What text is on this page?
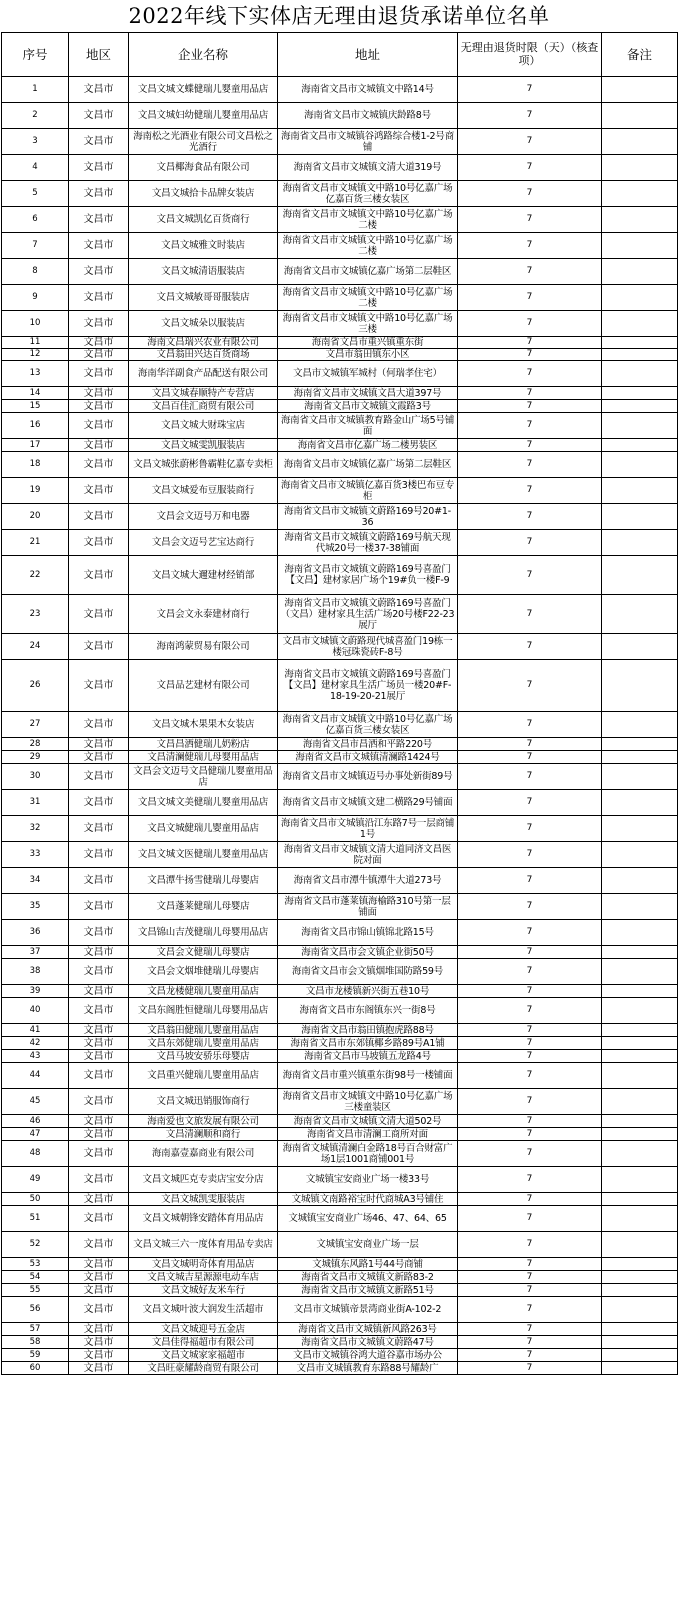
2022年线下实体店无理由退货承诺单位名单
序号	地区	企业名称	地址	无理由退货时限（天）（核查项）	备注
1	文昌市	文昌文城文蝶健瑞儿婴童用品店	海南省文昌市文城镇文中路14号	7	
2	文昌市	文昌文城妇幼健瑞儿婴童用品店	海南省文昌市文城镇庆龄路8号	7	
3	文昌市	海南松之光酒业有限公司文昌松之光酒行	海南省文昌市文城镇谷鸿路综合楼1-2号商铺	7	
4	文昌市	文昌椰海食品有限公司	海南省文昌市文城镇文清大道319号	7	
5	文昌市	文昌文城拾卡品牌女装店	海南省文昌市文城镇文中路10号亿嘉广场亿嘉百货三楼女装区	7	
6	文昌市	文昌文城凯亿百货商行	海南省文昌市文城镇文中路10号亿嘉广场二楼	7	
7	文昌市	文昌文城雅文时装店	海南省文昌市文城镇文中路10号亿嘉广场二楼	7	
8	文昌市	文昌文城清语服装店	海南省文昌市文城镇亿嘉广场第二层鞋区	7	
9	文昌市	文昌文城敏哥哥服装店	海南省文昌市文城镇文中路10号亿嘉广场二楼	7	
10	文昌市	文昌文城朵以服装店	海南省文昌市文城镇文中路10号亿嘉广场三楼	7	
11	文昌市	海南文昌瑞兴农业有限公司	海南省文昌市重兴镇重东街	7	
12	文昌市	文昌翁田兴达百货商场	文昌市翁田镇东小区	7	
13	文昌市	海南华洋副食产品配送有限公司	文昌市文城镇军城村（何瑞孝住宅）	7	
14	文昌市	文昌文城春顺特产专营店	海南省文昌市文城镇文昌大道397号	7	
15	文昌市	文昌百佳汇商贸有限公司	海南省文昌市文城镇文霞路3号	7	
16	文昌市	文昌文城大财珠宝店	海南省文昌市文城镇教育路金山广场5号铺面	7	
17	文昌市	文昌文城雯凯服装店	海南省文昌市亿嘉广场二楼男装区	7	
18	文昌市	文昌文城张蔚彬鲁霸鞋亿嘉专卖柜	海南省文昌市文城镇亿嘉广场第二层鞋区	7	
19	文昌市	文昌文城爱布豆服装商行	海南省文昌市文城镇亿嘉百货3楼巴布豆专柜	7	
20	文昌市	文昌会文迈号万和电器	海南省文昌市文城镇文蔚路169号20#1-36	7	
21	文昌市	文昌会文迈号艺宝达商行	海南省文昌市文城镇文蔚路169号航天现代城20号一楼37-38铺面	7	
22	文昌市	文昌文城大邇建材经销部	海南省文昌市文城镇文蔚路169号喜盈门【文昌】建材家居广场个19#负一楼F-9	7	
23	文昌市	文昌会文永泰建材商行	海南省文昌市文城镇文蔚路169号喜盈门（文昌）建材家具生活广场20号楼F22-23展厅	7	
24	文昌市	海南鸿蒙贸易有限公司	文昌市文城镇文蔚路现代城喜盈门19栋一楼冠珠瓷砖F-8号	7	
26	文昌市	文昌品艺建材有限公司	海南省文昌市文城镇文蔚路169号喜盈门【文昌】建材家具生活广场员一楼20#F-18-19-20-21展厅	7	
27	文昌市	文昌文城木果果木女装店	海南省文昌市文城镇文中路10号亿嘉广场亿嘉百货三楼女装区	7	
28	文昌市	文昌昌洒健瑞儿奶粉店	海南省文昌市昌洒和平路220号	7	
29	文昌市	文昌清澜健瑞儿母婴用品店	海南省文昌市文城镇清澜路1424号	7	
30	文昌市	文昌会文迈号文昌健瑞儿婴童用品店	海南省文昌市文城镇迈号办事处新街89号	7	
31	文昌市	文昌文城文美健瑞儿婴童用品店	海南省文昌市文城镇文建二横路29号铺面	7	
32	文昌市	文昌文城健瑞儿婴童用品店	海南省文昌市文城镇沿江东路7号一层商铺1号	7	
33	文昌市	文昌文城文医健瑞儿婴童用品店	海南省文昌市文城镇文清大道同济文昌医院对面	7	
34	文昌市	文昌潭牛扬雪健瑞儿母婴店	海南省文昌市潭牛镇潭牛大道273号	7	
35	文昌市	文昌蓬莱健瑞儿母婴店	海南省文昌市蓬莱镇海榆路310号第一层铺面	7	
36	文昌市	文昌锦山吉茂健瑞儿母婴用品店	海南省文昌市锦山镇锦北路15号	7	
37	文昌市	文昌会文健瑞儿母婴店	海南省文昌市会文镇企业街50号	7	
38	文昌市	文昌会文烟堆健瑞儿母婴店	海南省文昌市会文镇烟堆国防路59号	7	
39	文昌市	文昌龙楼健瑞儿婴童用品店	文昌市龙楼镇新兴街五巷10号	7	
40	文昌市	文昌东阁胜恒健瑞儿母婴用品店	海南省文昌市东阁镇东兴一街8号	7	
41	文昌市	文昌翁田健瑞儿婴童用品店	海南省文昌市翁田镇抱虎路88号	7	
42	文昌市	文昌东郊健瑞儿婴童用品店	海南省文昌市东郊镇椰乡路89号A1铺	7	
43	文昌市	文昌马坡安骄乐母婴店	海南省文昌市马坡镇五龙路4号	7	
44	文昌市	文昌重兴健瑞儿婴童用品店	海南省文昌市重兴镇重东街98号一楼铺面	7	
45	文昌市	文昌文城迅销服饰商行	海南省文昌市文城镇文中路10号亿嘉广场三楼童装区	7	
46	文昌市	海南爱也文旅发展有限公司	海南省文昌市文城镇文清大道502号	7	
47	文昌市	文昌清澜顺和商行	海南省文昌市清澜工商所对面	7	
48	文昌市	海南嘉壹嘉商业有限公司	海南省文城镇清澜白金路18号百合财富广场1层1001商铺001号	7	
49	文昌市	文昌文城匹克专卖店宝安分店	文城镇宝安商业广场一楼33号	7	
50	文昌市	文昌文城凯雯服装店	文城镇文南路裕宝时代商城A3号铺住	7	
51	文昌市	文昌文城朝锋安踏体育用品店	文城镇宝安商业广场46、47、64、65	7	
52	文昌市	文昌文城三六一度体育用品专卖店	文城镇宝安商业广场一层	7	
53	文昌市	文昌文城明奇体育用品店	文城镇东风路1号44号商铺	7	
54	文昌市	文昌文城吉星源源电动车店	海南省文昌市文城镇文新路83-2	7	
55	文昌市	文昌文城好友米车行	海南省文昌市文城镇文新路51号	7	
56	文昌市	文昌文城叶波大润发生活超市	文昌市文城镇帝景湾商业街A-102-2	7	
57	文昌市	文昌文城迎号五金店	海南省文昌市文城镇新风路263号	7	
58	文昌市	文昌佳得福超市有限公司	海南省文昌市文城镇文蔚路47号	7	
59	文昌市	文昌文城家家福超市	文昌市文城镇谷鸿大道谷嘉市场办公	7	
60	文昌市	文昌旺豪耀龄商贸有限公司	文昌市文城镇教育东路88号耀龄广	7	
